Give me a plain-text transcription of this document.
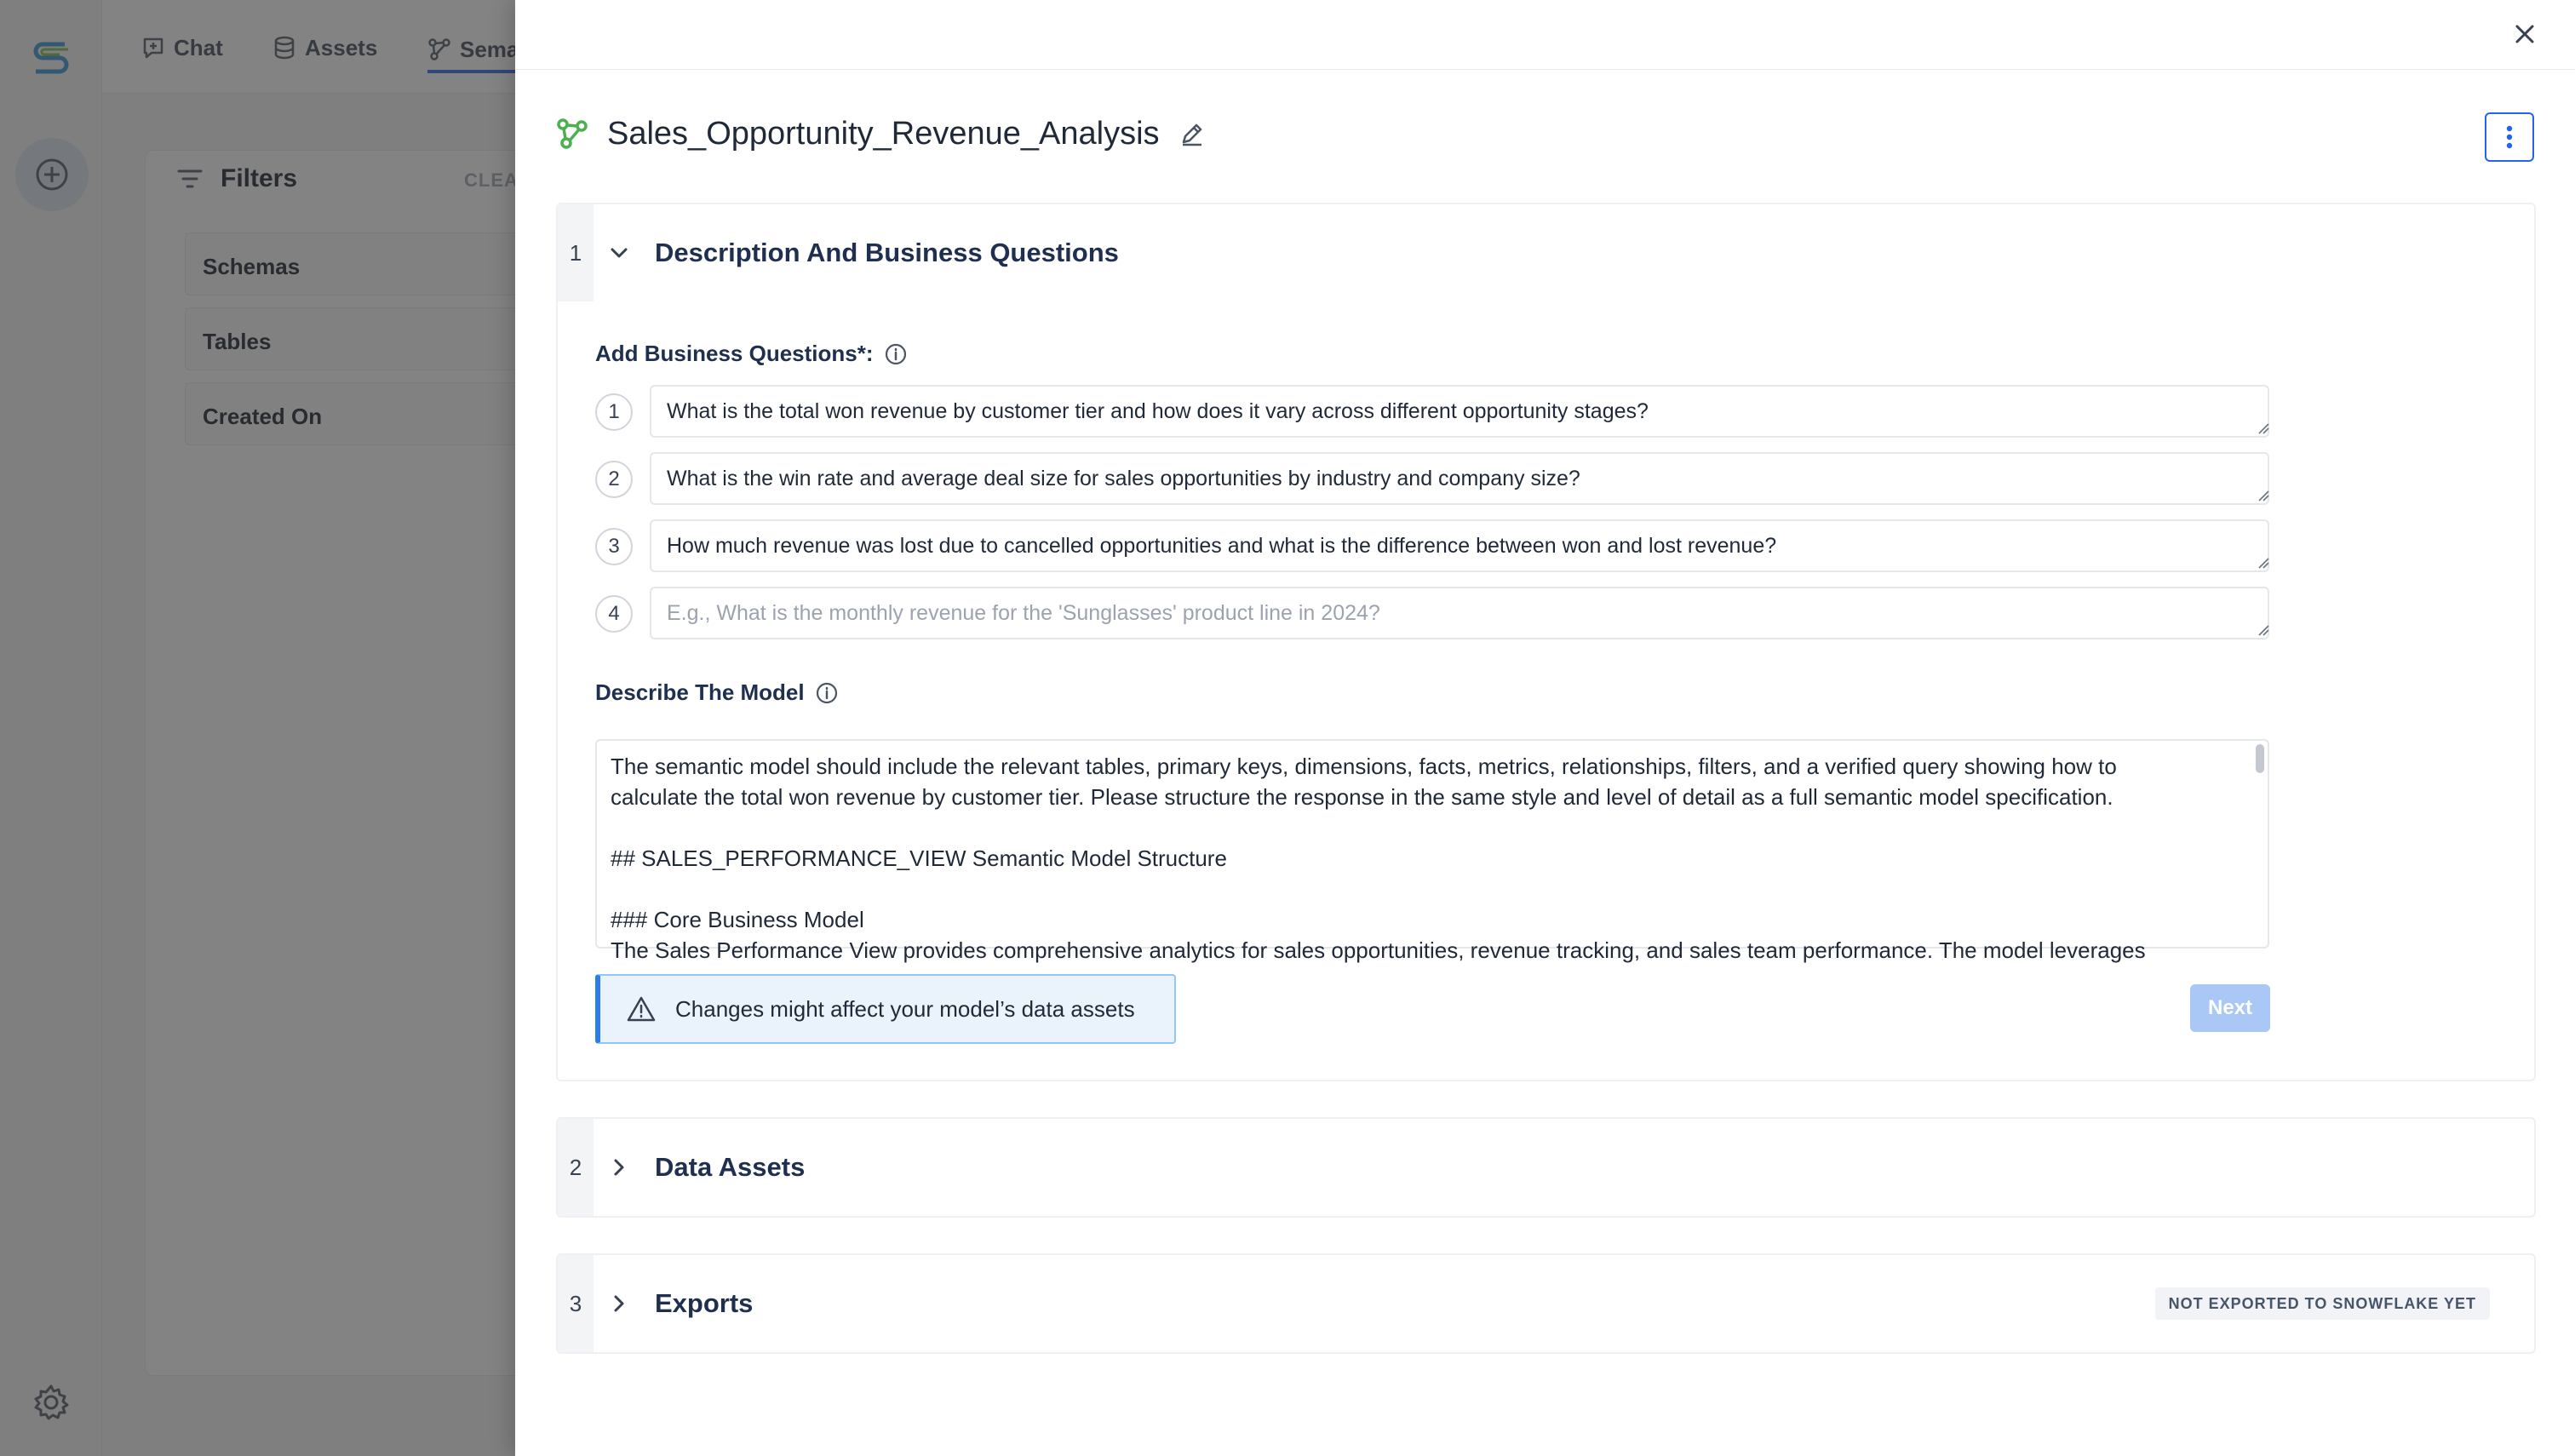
Sales_Opportunity_Revenue_Analysis
1	Description And Business Questions
Add Business Questions*:
1
What is the total won revenue by customer tier and how does it vary across different opportunity stages?
2
What is the win rate and average deal size for sales opportunities by industry and company size?
3
How much revenue was lost due to cancelled opportunities and what is the difference between won and lost revenue?
4
E.g., What is the monthly revenue for the 'Sunglasses' product line in 2024?
Describe The Model
The semantic model should include the relevant tables, primary keys, dimensions, facts, metrics, relationships, filters, and a verified query showing how to
calculate the total won revenue by customer tier. Please structure the response in the same style and level of detail as a full semantic model specification.
## SALES_PERFORMANCE_VIEW Semantic Model Structure
### Core Business Model
The Sales Performance View provides comprehensive analytics for sales opportunities, revenue tracking, and sales team performance. The model leverages
Changes might affect your model’s data assets	Next
2	Data Assets
3	Exports	NOT EXPORTED TO SNOWFLAKE YET
